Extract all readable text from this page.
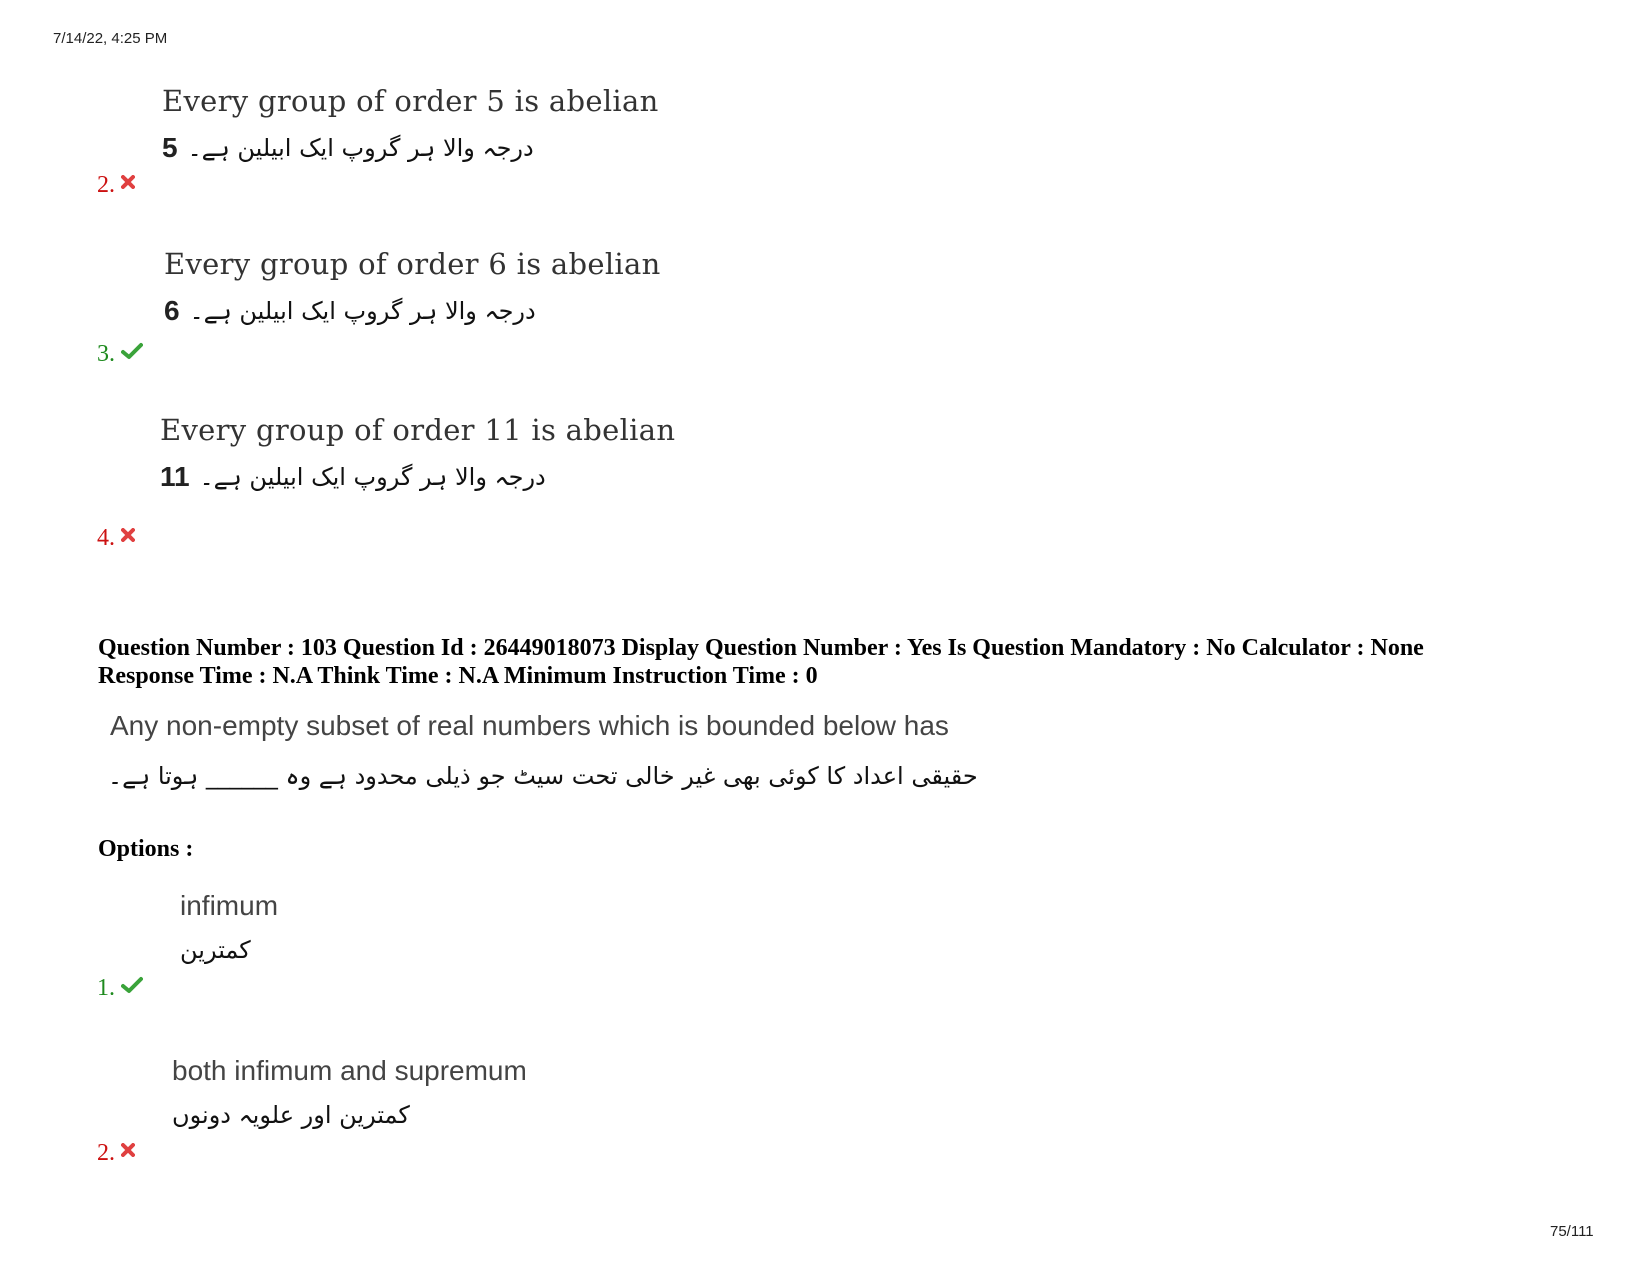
7/14/22, 4:25 PM
Every group of order 5 is abelian
5 درجہ والا ہر گروپ ایک ابیلین ہے۔
2.
Every group of order 6 is abelian
6 درجہ والا ہر گروپ ایک ابیلین ہے۔
3.
Every group of order 11 is abelian
11 درجہ والا ہر گروپ ایک ابیلین ہے۔
4.
Question Number : 103 Question Id : 26449018073 Display Question Number : Yes Is Question Mandatory : No Calculator : None
Response Time : N.A Think Time : N.A Minimum Instruction Time : 0
Any non-empty subset of real numbers which is bounded below has
حقیقی اعداد کا کوئی بھی غیر خالی تحت سیٹ جو ذیلی محدود ہے وہ ______ ہوتا ہے۔
Options :
infimum
کمترین
1.
both infimum and supremum
کمترین اور علویہ دونوں
2.
75/111
